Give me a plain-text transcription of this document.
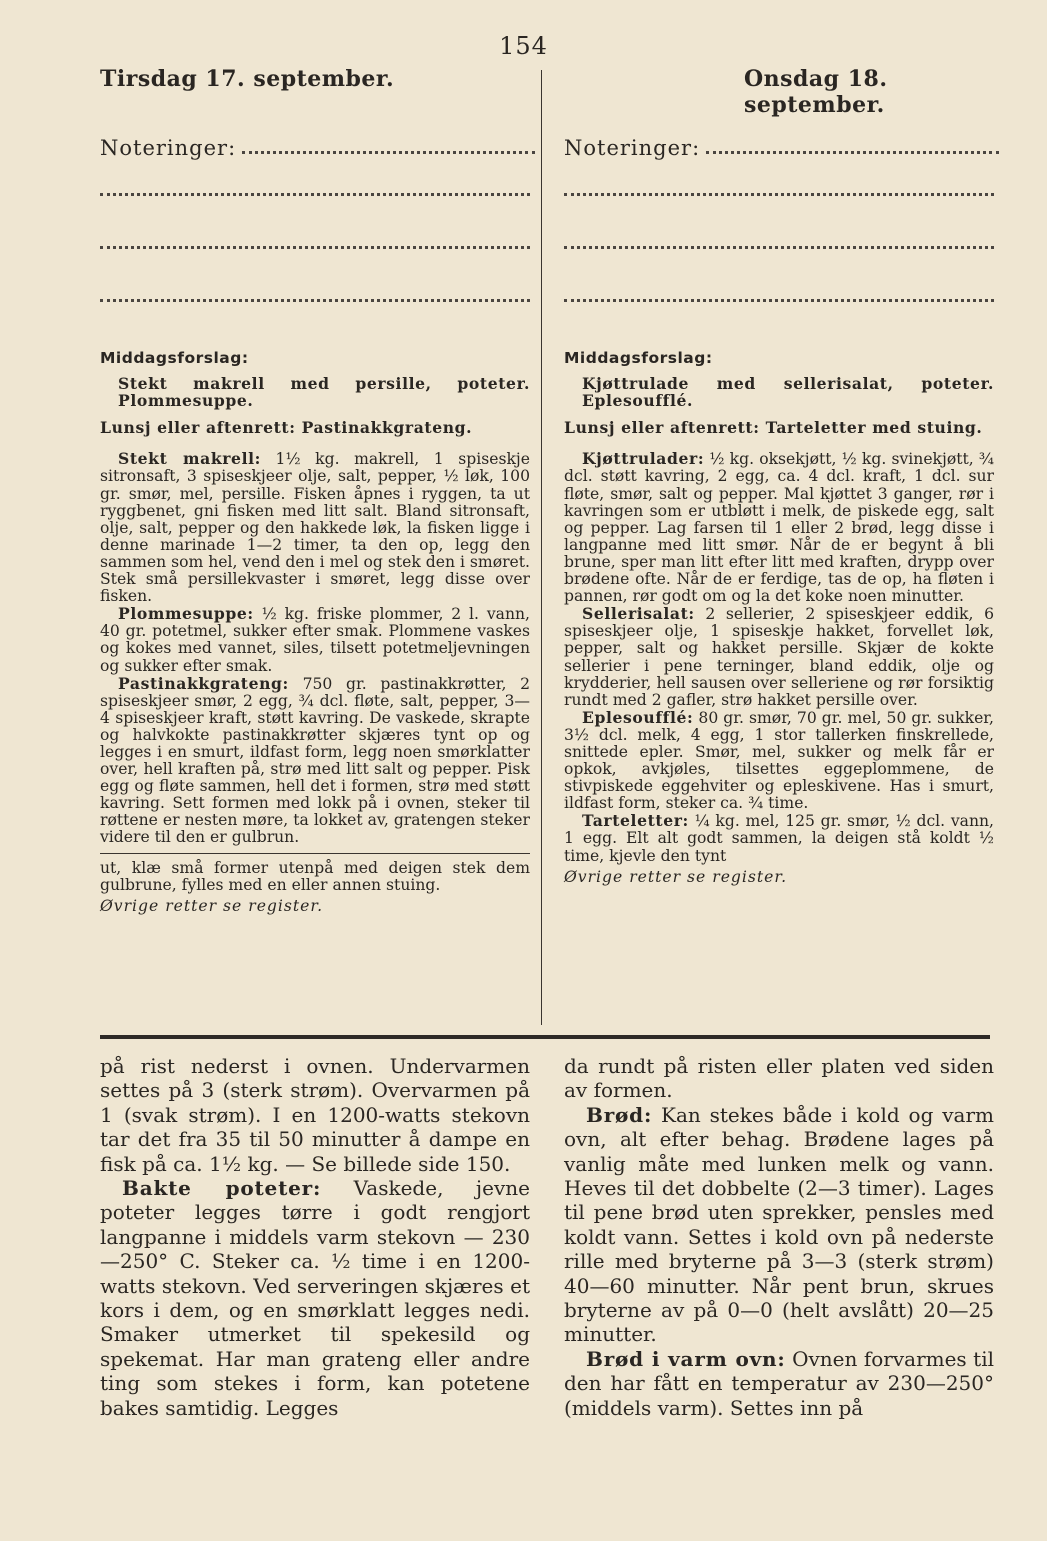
154
Tirsdag 17. september.
Noteringer:
Middagsforslag:

Stekt makrell med persille, poteter. Plommesuppe.

Lunsj eller aftenrett: Pastinakkgrateng.

Stekt makrell: 1½ kg. makrell, 1 spiseskje sitronsaft, 3 spiseskjeer olje, salt, pepper, ½ løk, 100 gr. smør, mel, persille. Fisken åpnes i ryggen, ta ut ryggbenet, gni fisken med litt salt. Bland sitronsaft, olje, salt, pepper og den hakkede løk, la fisken ligge i denne marinade 1—2 timer, ta den op, legg den sammen som hel, vend den i mel og stek den i smøret. Stek små persillekvaster i smøret, legg disse over fisken.

Plommesuppe: ½ kg. friske plommer, 2 l. vann, 40 gr. potetmel, sukker efter smak. Plommene vaskes og kokes med vannet, siles, tilsett potetmeljevningen og sukker efter smak.

Pastinakkgrateng: 750 gr. pastinakkrøtter, 2 spiseskjeer smør, 2 egg, ¾ dcl. fløte, salt, pepper, 3—4 spiseskjeer kraft, støtt kavring. De vaskede, skrapte og halvkokte pastinakkrøtter skjæres tynt op og legges i en smurt, ildfast form, legg noen smørklatter over, hell kraften på, strø med litt salt og pepper. Pisk egg og fløte sammen, hell det i formen, strø med støtt kavring. Sett formen med lokk på i ovnen, steker til røttene er nesten møre, ta lokket av, gratengen steker videre til den er gulbrun.

ut, klæ små former utenpå med deigen stek dem gulbrune, fylles med en eller annen stuing.

Øvrige retter se register.

Onsdag 18. september.
Noteringer:
Middagsforslag:

Kjøttrulade med sellerisalat, poteter. Eplesoufflé.

Lunsj eller aftenrett: Tarteletter med stuing.

Kjøttrulader: ½ kg. oksekjøtt, ½ kg. svinekjøtt, ¾ dcl. støtt kavring, 2 egg, ca. 4 dcl. kraft, 1 dcl. sur fløte, smør, salt og pepper. Mal kjøttet 3 ganger, rør i kavringen som er utbløtt i melk, de piskede egg, salt og pepper. Lag farsen til 1 eller 2 brød, legg disse i langpanne med litt smør. Når de er begynt å bli brune, sper man litt efter litt med kraften, drypp over brødene ofte. Når de er ferdige, tas de op, ha fløten i pannen, rør godt om og la det koke noen minutter.

Sellerisalat: 2 sellerier, 2 spiseskjeer eddik, 6 spiseskjeer olje, 1 spiseskje hakket, forvellet løk, pepper, salt og hakket persille. Skjær de kokte sellerier i pene terninger, bland eddik, olje og krydderier, hell sausen over selleriene og rør forsiktig rundt med 2 gafler, strø hakket persille over.

Eplesoufflé: 80 gr. smør, 70 gr. mel, 50 gr. sukker, 3½ dcl. melk, 4 egg, 1 stor tallerken finskrellede, snittede epler. Smør, mel, sukker og melk får er opkok, avkjøles, tilsettes eggeplommene, de stivpiskede eggehviter og epleskivene. Has i smurt, ildfast form, steker ca. ¾ time.

Tarteletter: ¼ kg. mel, 125 gr. smør, ½ dcl. vann, 1 egg. Elt alt godt sammen, la deigen stå koldt ½ time, kjevle den tynt

Øvrige retter se register.

på rist nederst i ovnen. Undervarmen settes på 3 (sterk strøm). Overvarmen på 1 (svak strøm). I en 1200-watts stekovn tar det fra 35 til 50 minutter å dampe en fisk på ca. 1½ kg. — Se billede side 150.

Bakte poteter: Vaskede, jevne poteter legges tørre i godt rengjort langpanne i middels varm stekovn — 230—250° C. Steker ca. ½ time i en 1200-watts stekovn. Ved serveringen skjæres et kors i dem, og en smørklatt legges nedi. Smaker utmerket til spekesild og spekemat. Har man grateng eller andre ting som stekes i form, kan potetene bakes samtidig. Legges

da rundt på risten eller platen ved siden av formen.

Brød: Kan stekes både i kold og varm ovn, alt efter behag. Brødene lages på vanlig måte med lunken melk og vann. Heves til det dobbelte (2—3 timer). Lages til pene brød uten sprekker, pensles med koldt vann. Settes i kold ovn på nederste rille med bryterne på 3—3 (sterk strøm) 40—60 minutter. Når pent brun, skrues bryterne av på 0—0 (helt avslått) 20—25 minutter.

Brød i varm ovn: Ovnen forvarmes til den har fått en temperatur av 230—250° (middels varm). Settes inn på
